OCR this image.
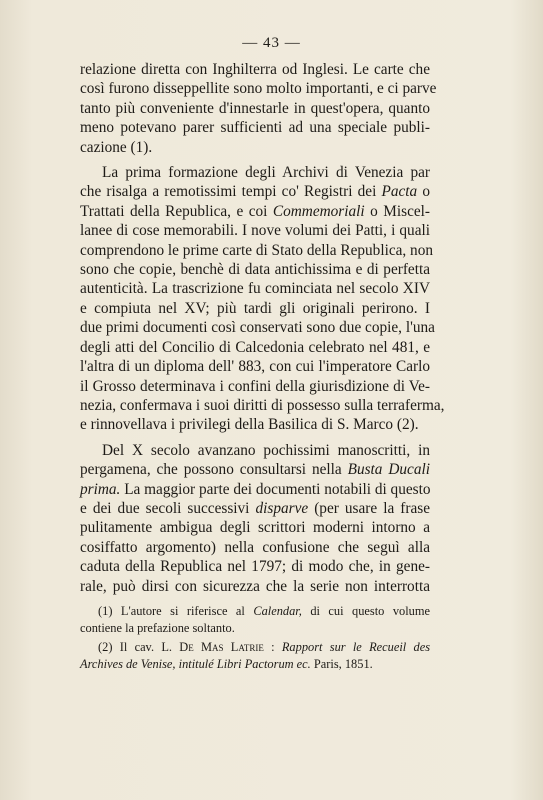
— 43 —

relazione diretta con Inghilterra od Inglesi. Le carte che
così furono disseppellite sono molto importanti, e ci parve
tanto più conveniente d'innestarle in quest'opera, quanto
meno potevano parer sufficienti ad una speciale publi-
cazione (1).

La prima formazione degli Archivi di Venezia par
che risalga a remotissimi tempi co' Registri dei Pacta o
Trattati della Republica, e coi Commemoriali o Miscel-
lanee di cose memorabili. I nove volumi dei Patti, i quali
comprendono le prime carte di Stato della Republica, non
sono che copie, benchè di data antichissima e di perfetta
autenticità. La trascrizione fu cominciata nel secolo XIV
e compiuta nel XV; più tardi gli originali perirono. I
due primi documenti così conservati sono due copie, l'una
degli atti del Concilio di Calcedonia celebrato nel 481, e
l'altra di un diploma dell' 883, con cui l'imperatore Carlo
il Grosso determinava i confini della giurisdizione di Ve-
nezia, confermava i suoi diritti di possesso sulla terraferma,
e rinnovellava i privilegi della Basilica di S. Marco (2).

Del X secolo avanzano pochissimi manoscritti, in
pergamena, che possono consultarsi nella Busta Ducali
prima. La maggior parte dei documenti notabili di questo
e dei due secoli successivi disparve (per usare la frase
pulitamente ambigua degli scrittori moderni intorno a
cosiffatto argomento) nella confusione che seguì alla
caduta della Republica nel 1797; di modo che, in gene-
rale, può dirsi con sicurezza che la serie non interrotta

(1) L'autore si riferisce al Calendar, di cui questo volume
contiene la prefazione soltanto.
(2) Il cav. L. De Mas Latrie : Rapport sur le Recueil des
Archives de Venise, intitulé Libri Pactorum ec. Paris, 1851.
